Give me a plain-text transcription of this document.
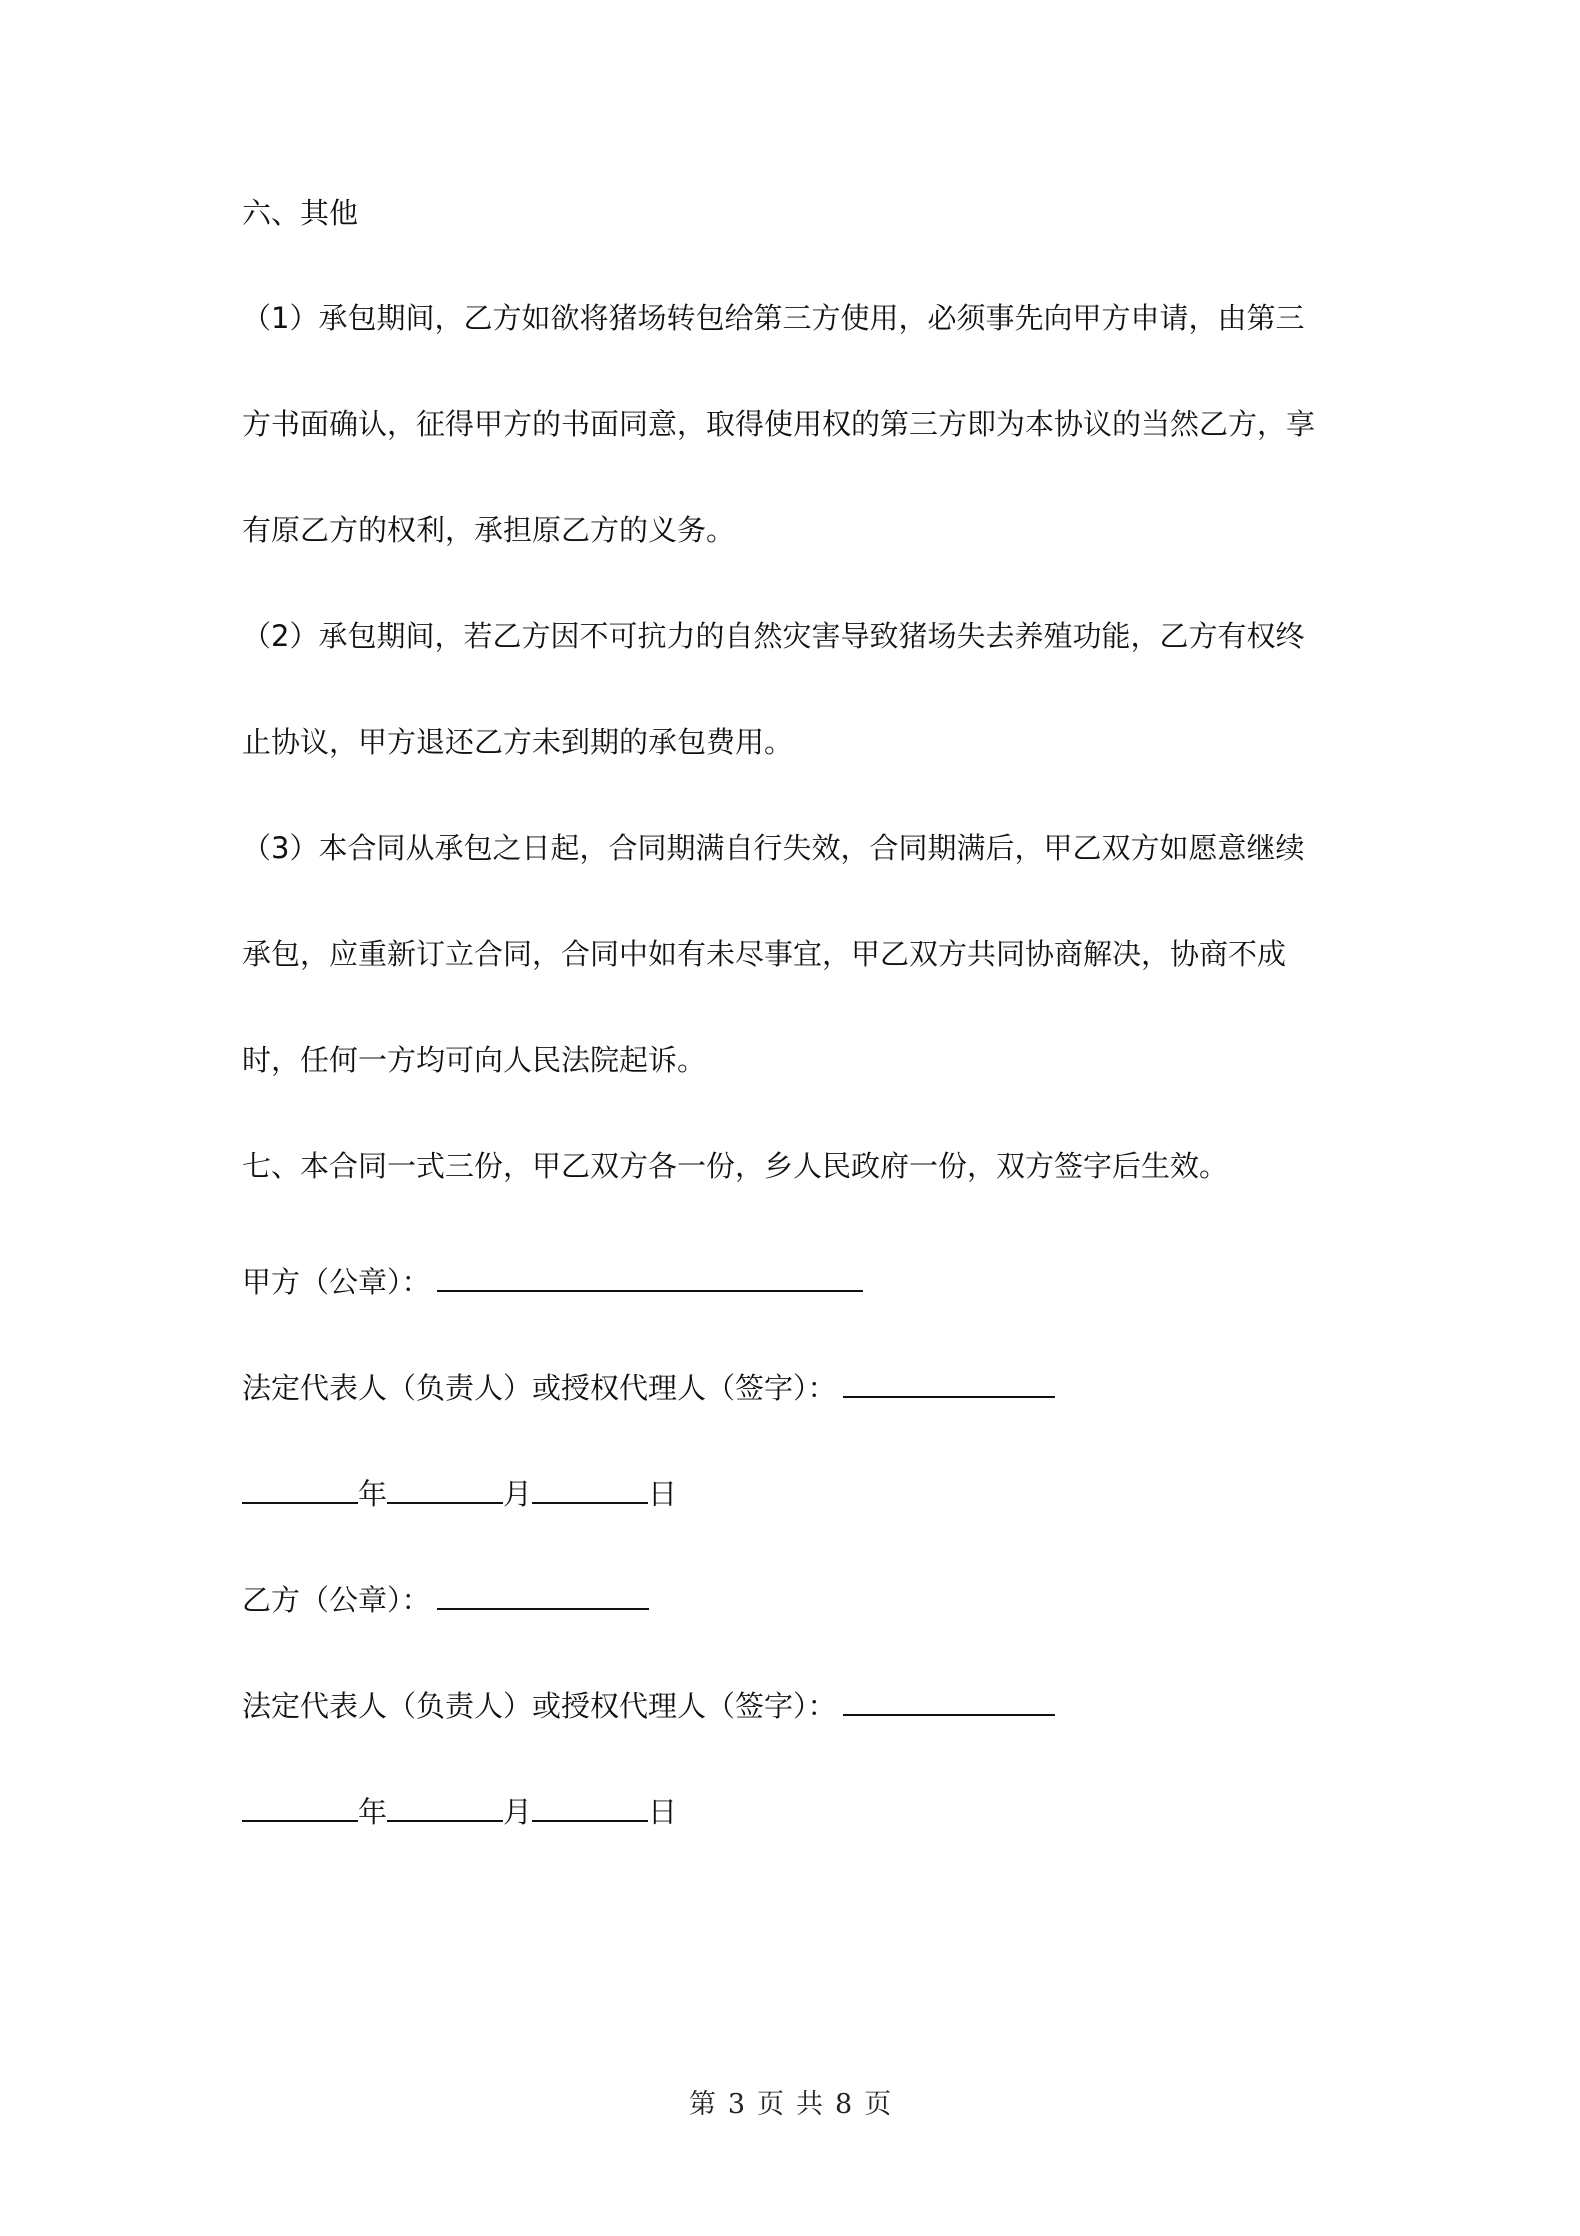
六、其他
（1）承包期间，乙方如欲将猪场转包给第三方使用，必须事先向甲方申请，由第三
方书面确认，征得甲方的书面同意，取得使用权的第三方即为本协议的当然乙方，享
有原乙方的权利，承担原乙方的义务。
（2）承包期间，若乙方因不可抗力的自然灾害导致猪场失去养殖功能，乙方有权终
止协议，甲方退还乙方未到期的承包费用。
（3）本合同从承包之日起，合同期满自行失效，合同期满后，甲乙双方如愿意继续
承包，应重新订立合同，合同中如有未尽事宜，甲乙双方共同协商解决，协商不成
时，任何一方均可向人民法院起诉。
七、本合同一式三份，甲乙双方各一份，乡人民政府一份，双方签字后生效。
甲方（公章）：
法定代表人（负责人）或授权代理人（签字）：
年	月	日
乙方（公章）：
法定代表人（负责人）或授权代理人（签字）：
年	月	日
第 3 页 共 8 页
